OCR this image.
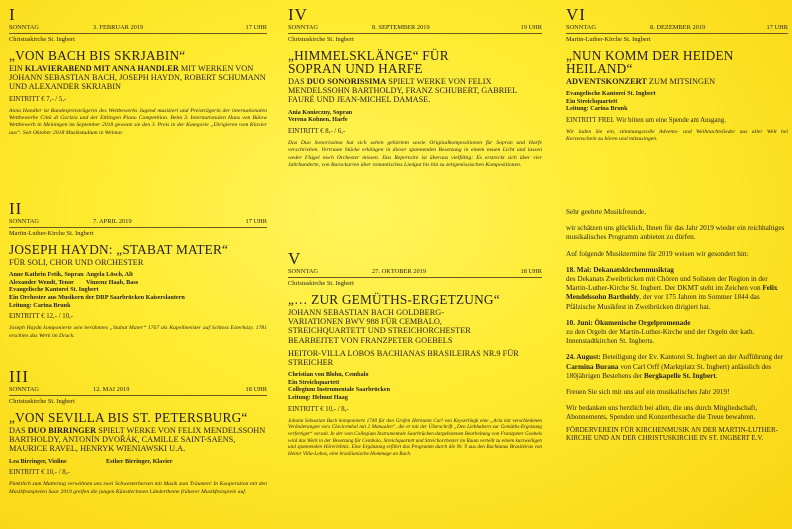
I
SONNTAG	3. FEBRUAR 2019	17 UHR
Christuskirche St. Ingbert
„VON BACH BIS SKRJABIN“
EIN KLAVIERABEND MIT ANNA HANDLER MIT WERKEN VON JOHANN SEBASTIAN BACH, JOSEPH HAYDN, ROBERT SCHUMANN UND ALEXANDER SKRJABIN
EINTRITT € 7,- / 5,-
Anna Handler ist Bundespreisträgerin des Wettbewerbs Jugend musiziert und Preisträgerin der internationalen Wettbewerbe Città di Gorizia und der Ettlingen Piano Competition. Beim 3. Internationalen Hans von Bülow Wettbewerb in Meiningen im September 2018 gewann sie den 3. Preis in der Kategorie „Dirigieren vom Klavier aus“. Seit Oktober 2018 Musikstudium in Weimar.
II
SONNTAG	7. APRIL 2019	17 UHR
Martin-Luther-Kirche St. Ingbert
JOSEPH HAYDN: „STABAT MATER“
FÜR SOLI, CHOR UND ORCHESTER
Anne Kathrin Fetik, Sopran Angela Lösch, Alt
Alexander Wendt, Tenor	Vinzenz Haab, Bass
Evangelische Kantorei St. Ingbert
Ein Orchester aus Musikern der DRP Saarbrücken Kaiserslautern
Leitung: Carina Brunk
EINTRITT € 12,- / 10,-
Joseph Haydn komponierte sein berühmtes „Stabat Mater“ 1767 als Kapellmeister auf Schloss Esterházy. 1781 erschien das Werk im Druck.
III
SONNTAG	12. MAI 2019	18 UHR
Christuskirche St. Ingbert
„VON SEVILLA BIS ST. PETERSBURG“
DAS DUO BIRRINGER SPIELT WERKE VON FELIX MENDELSSOHN BARTHOLDY, ANTONÍN DVOŘÁK, CAMILLE SAINT-SAENS, MAURICE RAVEL, HENRYK WIENIAWSKI U.A.
Lea Birringer, Violine	Esther Birringer, Klavier
EINTRITT € 10,- / 8,-
Pünktlich zum Muttertag verwöhnen uns zwei Schwesterherzen mit Musik zum Träumen! In Kooperation mit den Musikfestspielen Saar 2019 greifen die jungen Künstlerinnen Ländertheme früherer Musikfestspiele auf.
IV
SONNTAG	8. SEPTEMBER 2019	19 UHR
Christuskirche St. Ingbert
„HIMMELSKLÄNGE“ FÜR SOPRAN UND HARFE
DAS DUO SONORISSIMA SPIELT WERKE VON FELIX MENDELSSOHN BARTHOLDY, FRANZ SCHUBERT, GABRIEL FAURÉ UND JEAN-MICHEL DAMASE.
Ania Konieczny, Sopran
Verena Kohnen, Harfe
EINTRITT € 8,- / 6,-
Das Duo Sonorissima hat sich selten gehörtem sowie Originalkompositionen für Sopran und Harfe verschrieben. Vertraute Stücke erklingen in dieser spannenden Besetzung in einem neuen Licht und lassen weder Flügel noch Orchester missen. Das Repertoire ist überaus vielfältig: Es erstreckt sich über vier Jahrhunderte, von Barockarien über romantisches Liedgut bis hin zu zeitgenössischen Kompositionen.
V
SONNTAG	27. OKTOBER 2019	18 UHR
Christuskirche St. Ingbert
„… ZUR GEMÜTHS-ERGETZUNG“
JOHANN SEBASTIAN BACH GOLDBERG-VARIATIONEN BWV 988 FÜR CEMBALO, STREICHQUARTETT UND STREICHORCHESTER BEARBEITET VON FRANZPETER GOEBELS
HEITOR-VILLA LOBOS BACHIANAS BRASILEIRAS NR.9 FÜR STREICHER
Christian von Blohn, Cembalo
Ein Streichquartett
Collegium Instrumentale Saarbrücken
Leitung: Helmut Haag
EINTRITT € 10,- / 8,-
Johann Sebastian Bach komponierte 1740 für den Grafen Hermann Carl von Keyserlingk eine „Aria mit verschiedenen Veränderungen vors Clavicembal mit 2 Manualen“, die er mit der Überschrift „Den Liebhabern zur Gemüths-Ergetzung verfertiget“ versah. In der vom Collegium Instrumentale Saarbrücken dargebotenen Bearbeitung von Franzpeter Goebels wird das Werk in der Besetzung für Cembalo, Streichquartett und Streichorchester im Raum verteilt zu einem kurzweiligen und spannenden Hörerlebnis. Eine Ergänzung erfährt das Programm durch die Nr. 9 aus den Bachianas Brasileiras von Heitor Villa-Lobos, eine brasilianische Hommage an Bach.
VI
SONNTAG	8. DEZEMBER 2019	17 UHR
Martin-Luther-Kirche St. Ingbert
„NUN KOMM DER HEIDEN HEILAND“
ADVENTSKONZERT ZUM MITSINGEN
Evangelische Kantorei St. Ingbert
Ein Streichquartett
Leitung: Carina Brunk
EINTRITT FREI. Wir bitten um eine Spende am Ausgang.
Wir laden Sie ein, stimmungsvolle Advents- und Weihnachtslieder aus aller Welt bei Kerzenschein zu hören und mitzusingen.
Sehr geehrte Musikfreunde,
wir schätzen uns glücklich, Ihnen für das Jahr 2019 wieder ein reichhaltiges musikalisches Programm anbieten zu dürfen.
Auf folgende Musiktermine für 2019 weisen wir gesondert hin:
18. Mai: Dekanatskirchenmusiktag
des Dekanats Zweibrücken mit Chören und Solisten der Region in der Martin-Luther-Kirche St. Ingbert. Der DKMT steht im Zeichen von Felix Mendelssohn Bartholdy, der vor 175 Jahren im Sommer 1844 das Pfälzische Musikfest in Zweibrücken dirigiert hat.
10. Juni: Ökumenische Orgelpromenade
zu den Orgeln der Martin-Luther-Kirche und der Orgeln der kath. Innenstadtkirchen St. Ingberts.
24. August: Beteiligung der Ev. Kantorei St. Ingbert an der Aufführung der Carmina Burana von Carl Orff (Marktplatz St. Ingbert) anlässlich des 180jährigen Bestehens der Bergkapelle St. Ingbert.
Freuen Sie sich mit uns auf ein musikalisches Jahr 2019!
Wir bedanken uns herzlich bei allen, die uns durch Mitgliedschaft, Abonnements, Spenden und Konzertbesuche die Treue bewahren.
FÖRDERVEREIN FÜR KIRCHENMUSIK AN DER MARTIN-LUTHER-KIRCHE UND AN DER CHRISTUSKIRCHE IN ST. INGBERT E.V.
